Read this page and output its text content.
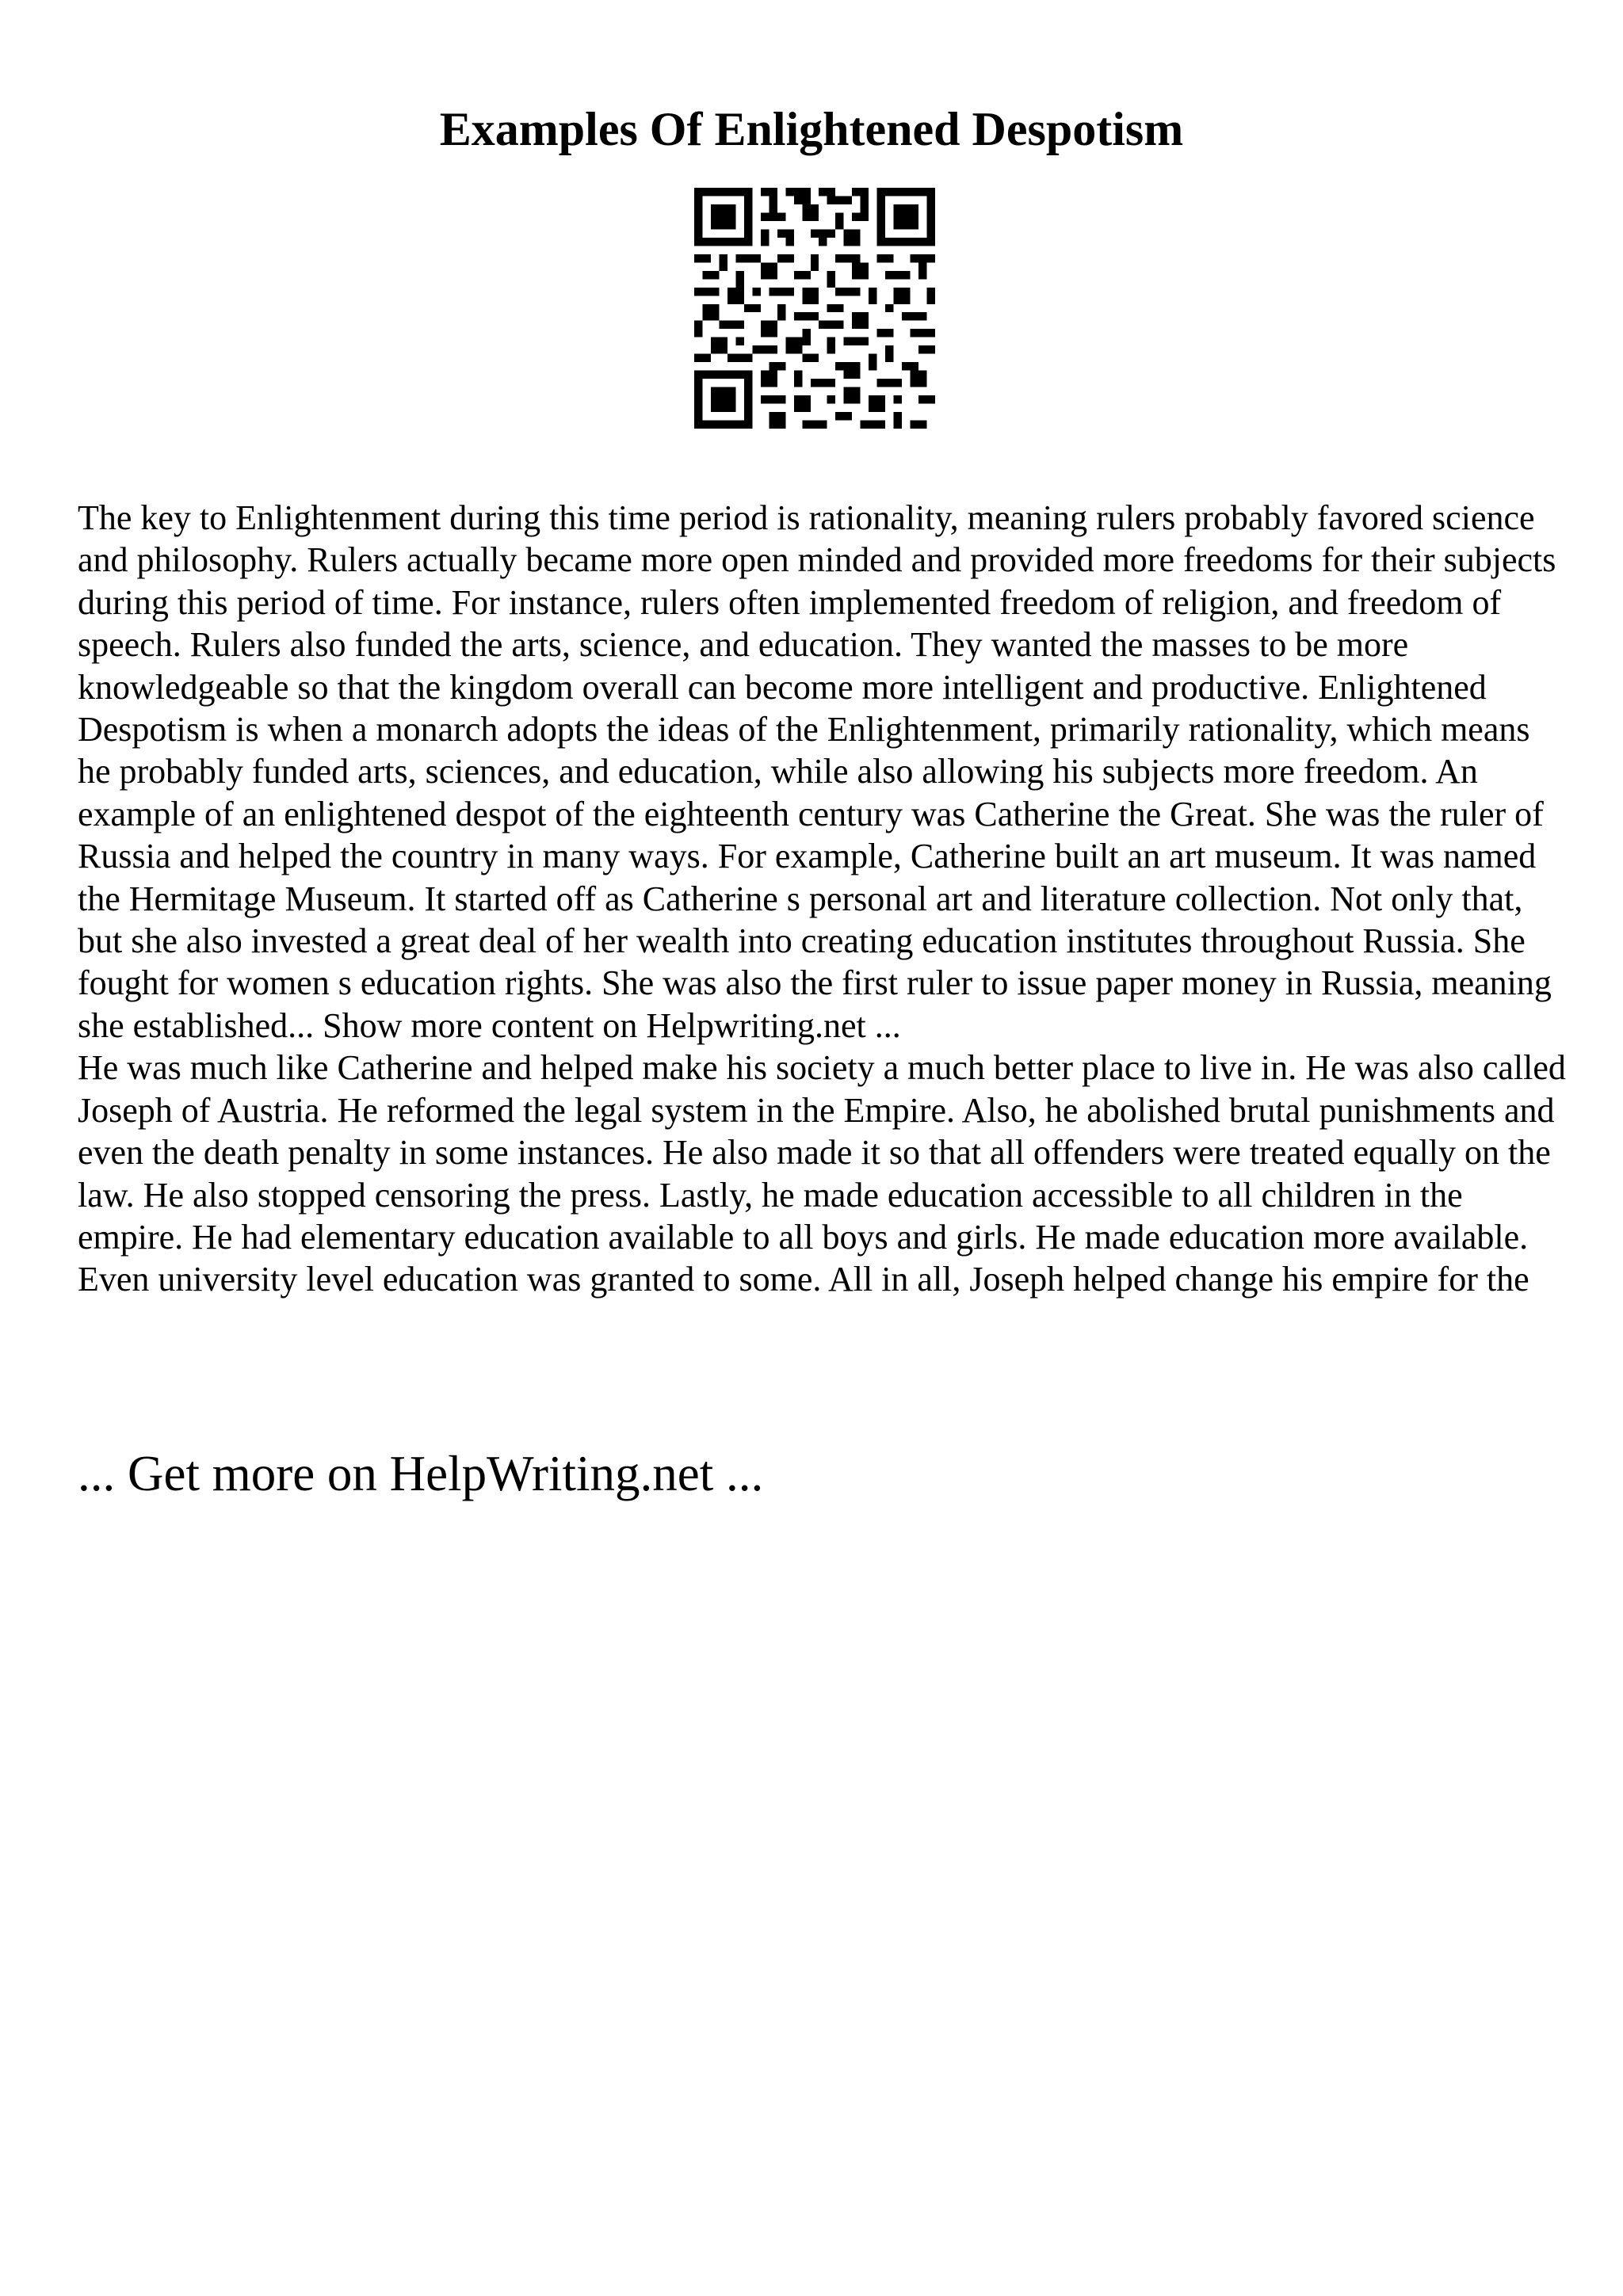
Examples Of Enlightened Despotism

The key to Enlightenment during this time period is rationality, meaning rulers probably favored science and philosophy. Rulers actually became more open minded and provided more freedoms for their subjects during this period of time. For instance, rulers often implemented freedom of religion, and freedom of speech. Rulers also funded the arts, science, and education. They wanted the masses to be more knowledgeable so that the kingdom overall can become more intelligent and productive. Enlightened Despotism is when a monarch adopts the ideas of the Enlightenment, primarily rationality, which means he probably funded arts, sciences, and education, while also allowing his subjects more freedom. An example of an enlightened despot of the eighteenth century was Catherine the Great. She was the ruler of Russia and helped the country in many ways. For example, Catherine built an art museum. It was named the Hermitage Museum. It started off as Catherine s personal art and literature collection. Not only that, but she also invested a great deal of her wealth into creating education institutes throughout Russia. She fought for women s education rights. She was also the first ruler to issue paper money in Russia, meaning she established... Show more content on Helpwriting.net ...

He was much like Catherine and helped make his society a much better place to live in. He was also called Joseph of Austria. He reformed the legal system in the Empire. Also, he abolished brutal punishments and even the death penalty in some instances. He also made it so that all offenders were treated equally on the law. He also stopped censoring the press. Lastly, he made education accessible to all children in the empire. He had elementary education available to all boys and girls. He made education more available. Even university level education was granted to some. All in all, Joseph helped change his empire for the

... Get more on HelpWriting.net ...
